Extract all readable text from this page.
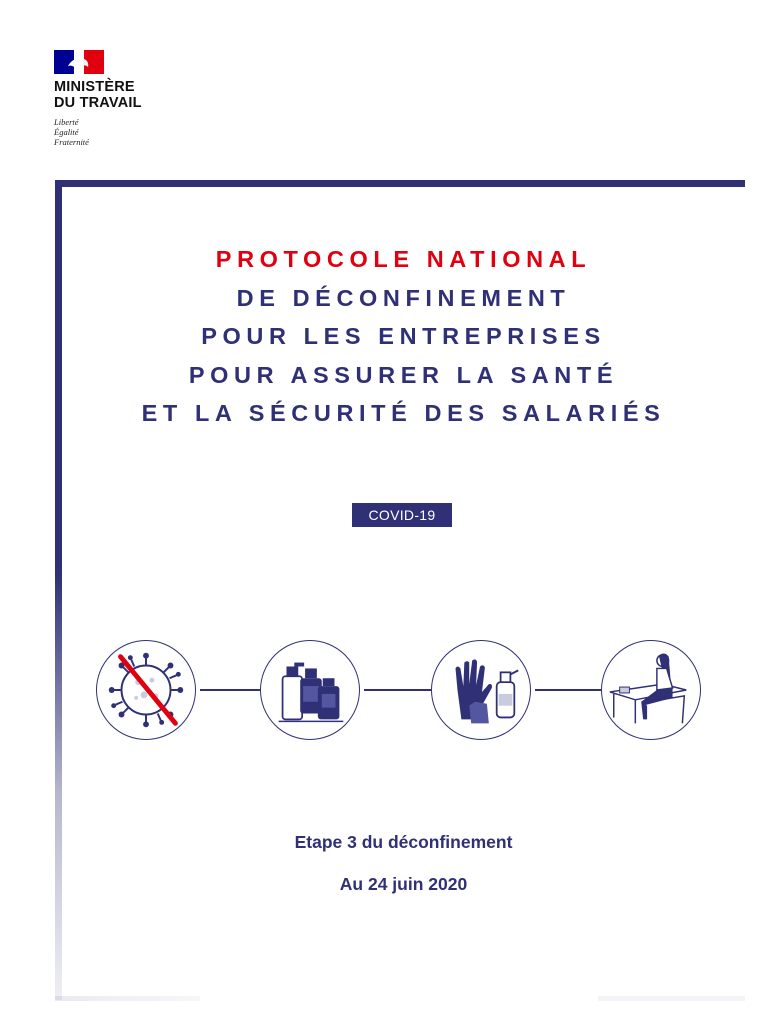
MINISTÈRE
DU TRAVAIL
Liberté
Égalité
Fraternité
PROTOCOLE NATIONAL
DE DÉCONFINEMENT
POUR LES ENTREPRISES
POUR ASSURER LA SANTÉ
ET LA SÉCURITÉ DES SALARIÉS
COVID-19
Etape 3 du déconfinement
Au 24 juin 2020
